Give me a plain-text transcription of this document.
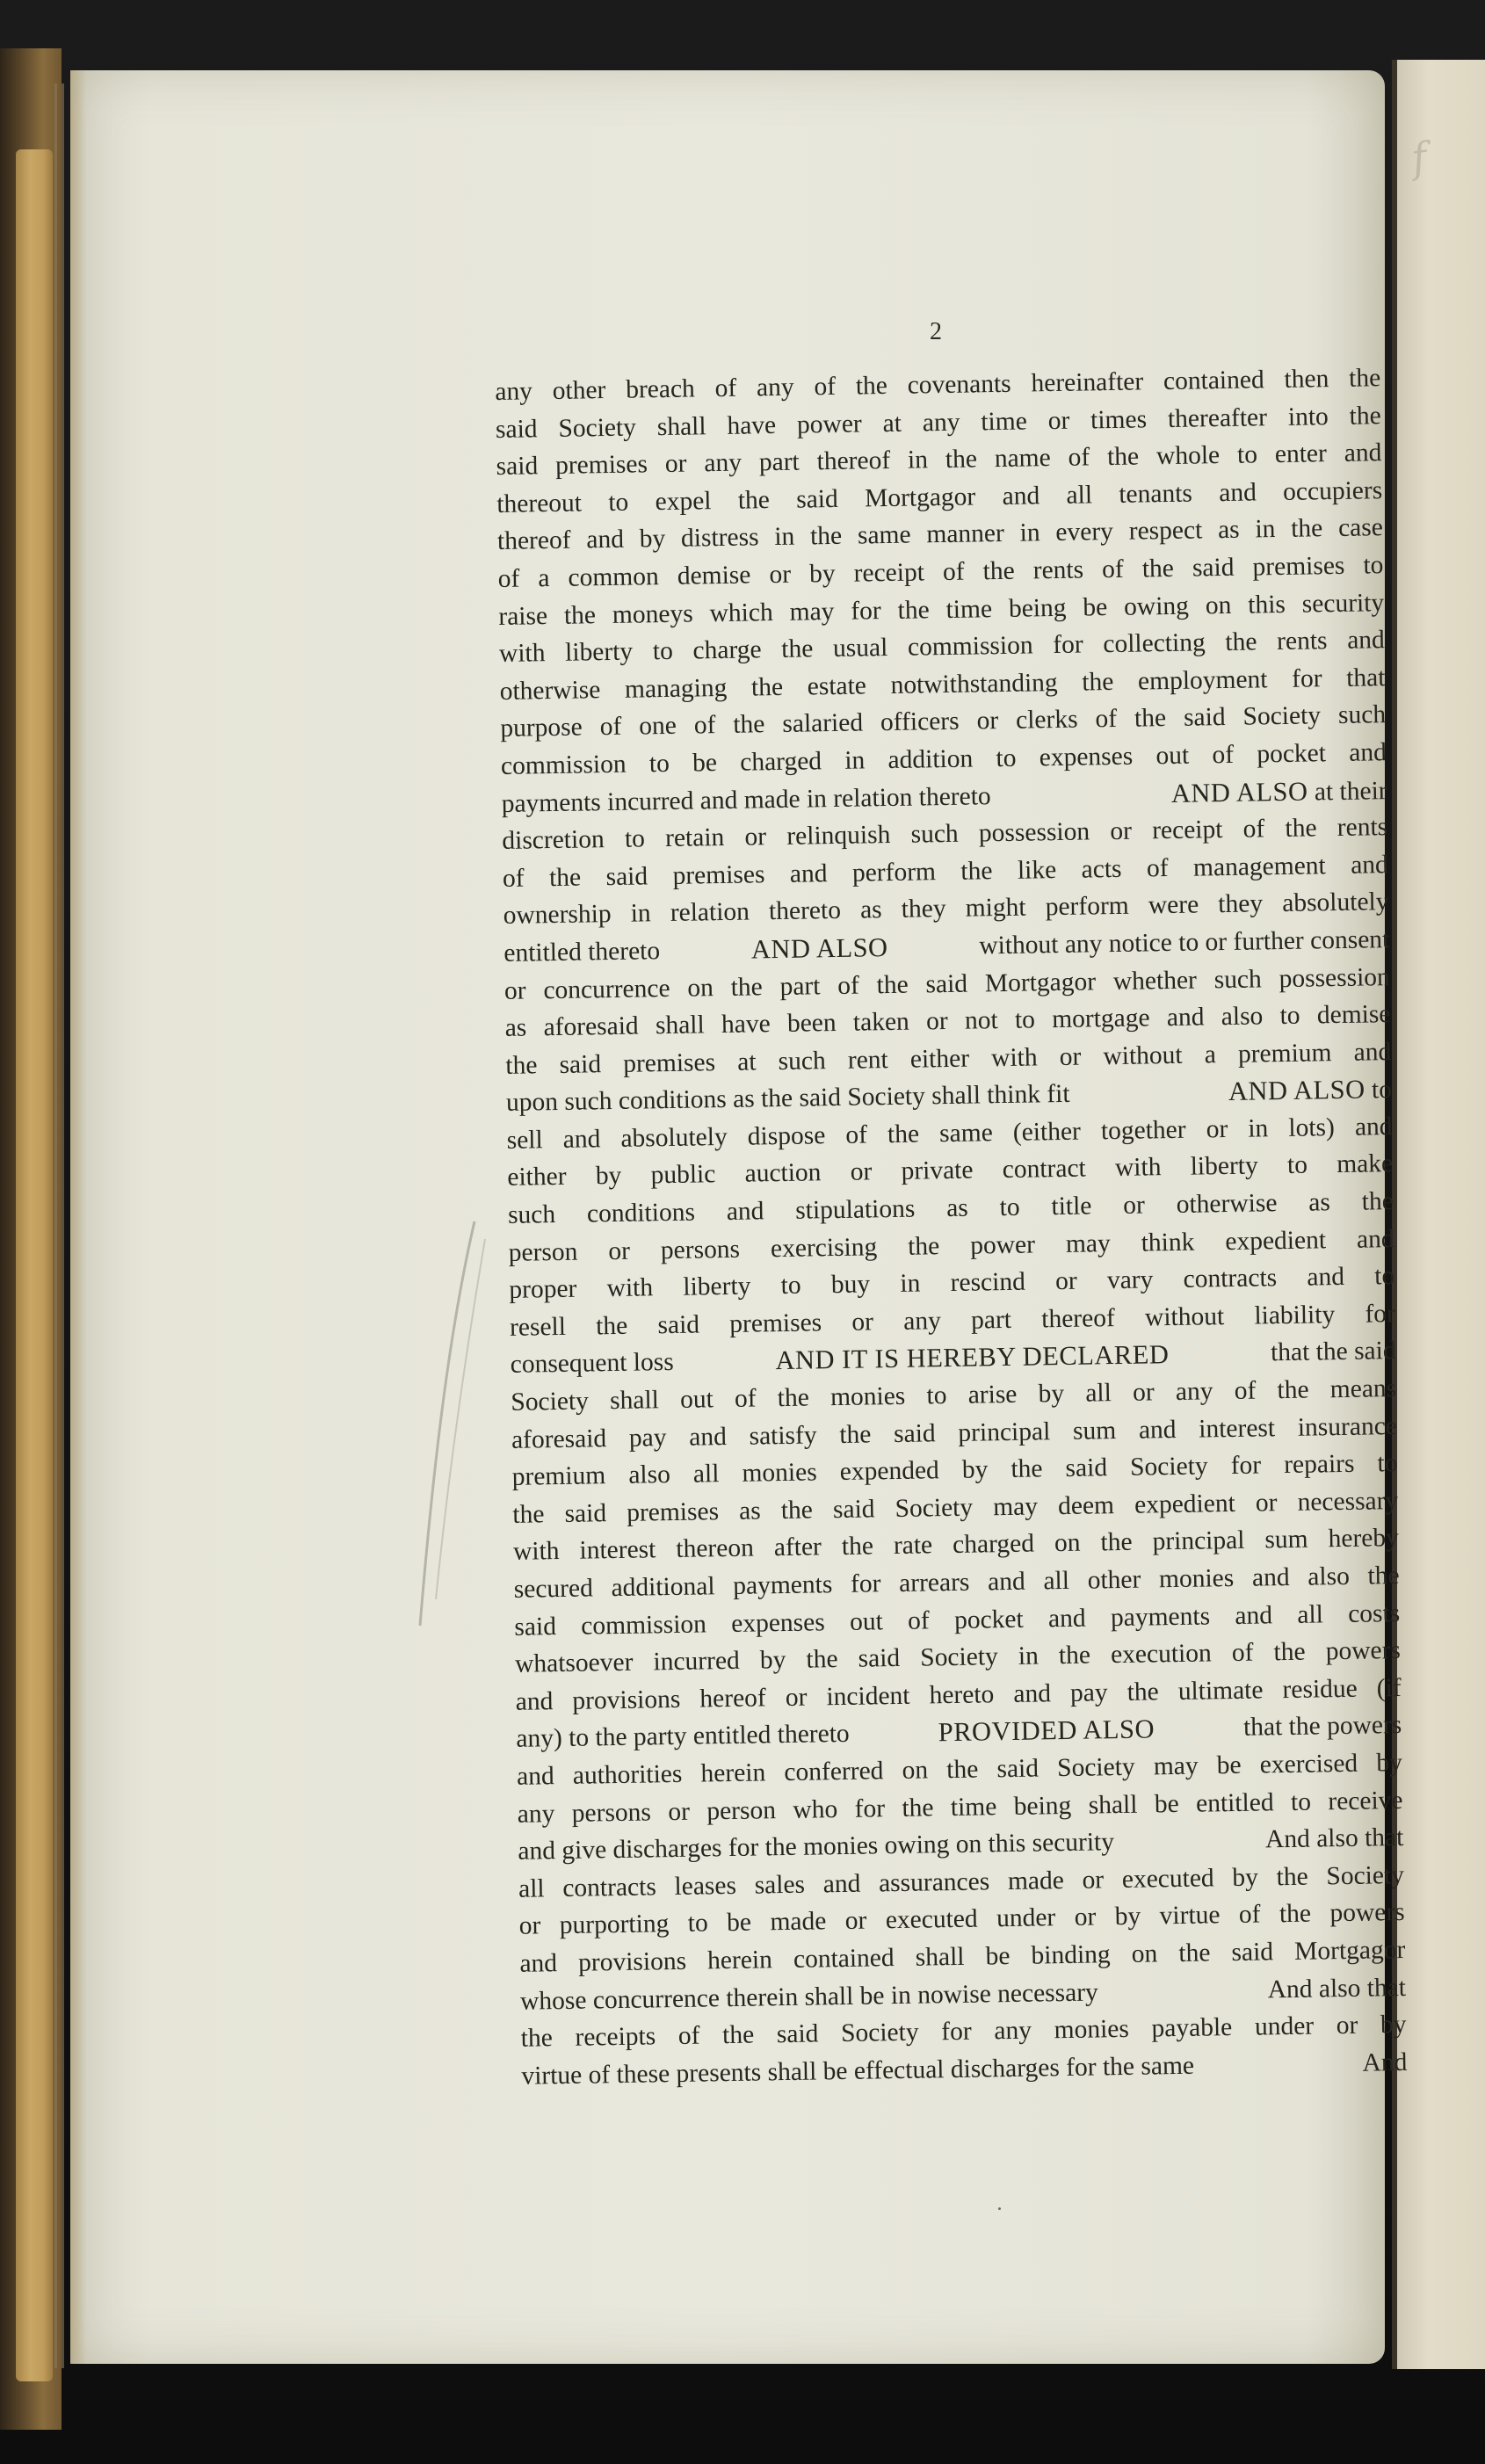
f
2
any other breach of any of the covenants hereinafter contained then the
said Society shall have power at any time or times thereafter into the
said premises or any part thereof in the name of the whole to enter and
thereout to expel the said Mortgagor and all tenants and occupiers
thereof and by distress in the same manner in every respect as in the case
of a common demise or by receipt of the rents of the said premises to
raise the moneys which may for the time being be owing on this security
with liberty to charge the usual commission for collecting the rents and
otherwise managing the estate notwithstanding the employment for that
purpose of one of the salaried officers or clerks of the said Society such
commission to be charged in addition to expenses out of pocket and
payments incurred and made in relation thereto	AND ALSO at their
discretion to retain or relinquish such possession or receipt of the rents
of the said premises and perform the like acts of management and
ownership in relation thereto as they might perform were they absolutely
entitled thereto	AND ALSO	without any notice to or further consent
or concurrence on the part of the said Mortgagor whether such possession
as aforesaid shall have been taken or not to mortgage and also to demise
the said premises at such rent either with or without a premium and
upon such conditions as the said Society shall think fit	AND ALSO to
sell and absolutely dispose of the same (either together or in lots) and
either by public auction or private contract with liberty to make
such conditions and stipulations as to title or otherwise as the
person or persons exercising the power may think expedient and
proper with liberty to buy in rescind or vary contracts and to
resell the said premises or any part thereof without liability for
consequent loss	AND IT IS HEREBY DECLARED	that the said
Society shall out of the monies to arise by all or any of the means
aforesaid pay and satisfy the said principal sum and interest insurance
premium also all monies expended by the said Society for repairs to
the said premises as the said Society may deem expedient or necessary
with interest thereon after the rate charged on the principal sum hereby
secured additional payments for arrears and all other monies and also the
said commission expenses out of pocket and payments and all costs
whatsoever incurred by the said Society in the execution of the powers
and provisions hereof or incident hereto and pay the ultimate residue (if
any) to the party entitled thereto	PROVIDED ALSO	that the powers
and authorities herein conferred on the said Society may be exercised by
any persons or person who for the time being shall be entitled to receive
and give discharges for the monies owing on this security	And also that
all contracts leases sales and assurances made or executed by the Society
or purporting to be made or executed under or by virtue of the powers
and provisions herein contained shall be binding on the said Mortgagor
whose concurrence therein shall be in nowise necessary	And also that
the receipts of the said Society for any monies payable under or by
virtue of these presents shall be effectual discharges for the same	And
